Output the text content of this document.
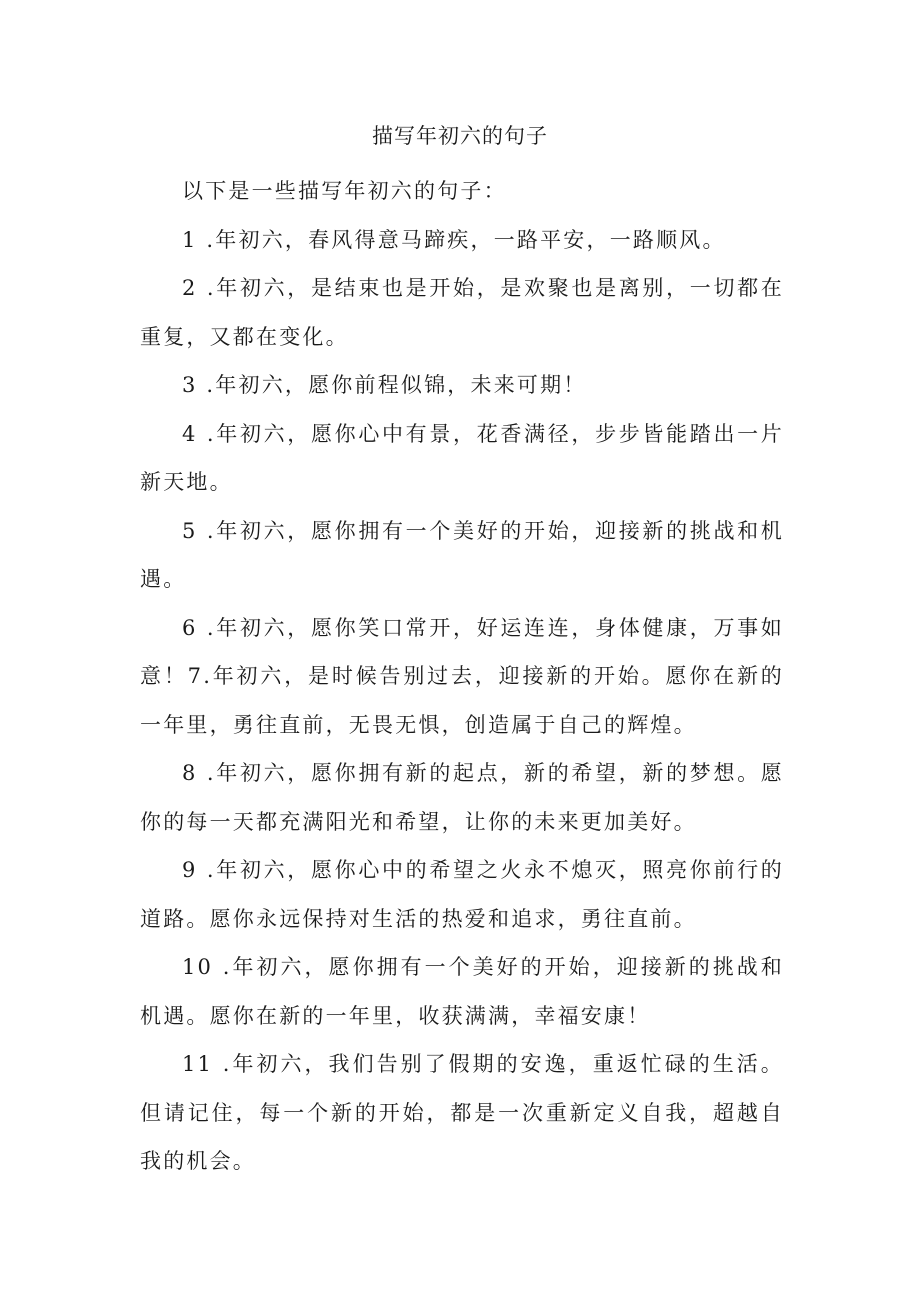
描写年初六的句子

以下是一些描写年初六的句子：

1 .年初六，春风得意马蹄疾，一路平安，一路顺风。

2 .年初六，是结束也是开始，是欢聚也是离别，一切都在重复，又都在变化。

3 .年初六，愿你前程似锦，未来可期！

4 .年初六，愿你心中有景，花香满径，步步皆能踏出一片新天地。

5 .年初六，愿你拥有一个美好的开始，迎接新的挑战和机遇。

6 .年初六，愿你笑口常开，好运连连，身体健康，万事如意！7.年初六，是时候告别过去，迎接新的开始。愿你在新的一年里，勇往直前，无畏无惧，创造属于自己的辉煌。

8 .年初六，愿你拥有新的起点，新的希望，新的梦想。愿你的每一天都充满阳光和希望，让你的未来更加美好。

9 .年初六，愿你心中的希望之火永不熄灭，照亮你前行的道路。愿你永远保持对生活的热爱和追求，勇往直前。

10 .年初六，愿你拥有一个美好的开始，迎接新的挑战和机遇。愿你在新的一年里，收获满满，幸福安康！

11 .年初六，我们告别了假期的安逸，重返忙碌的生活。但请记住，每一个新的开始，都是一次重新定义自我，超越自我的机会。
